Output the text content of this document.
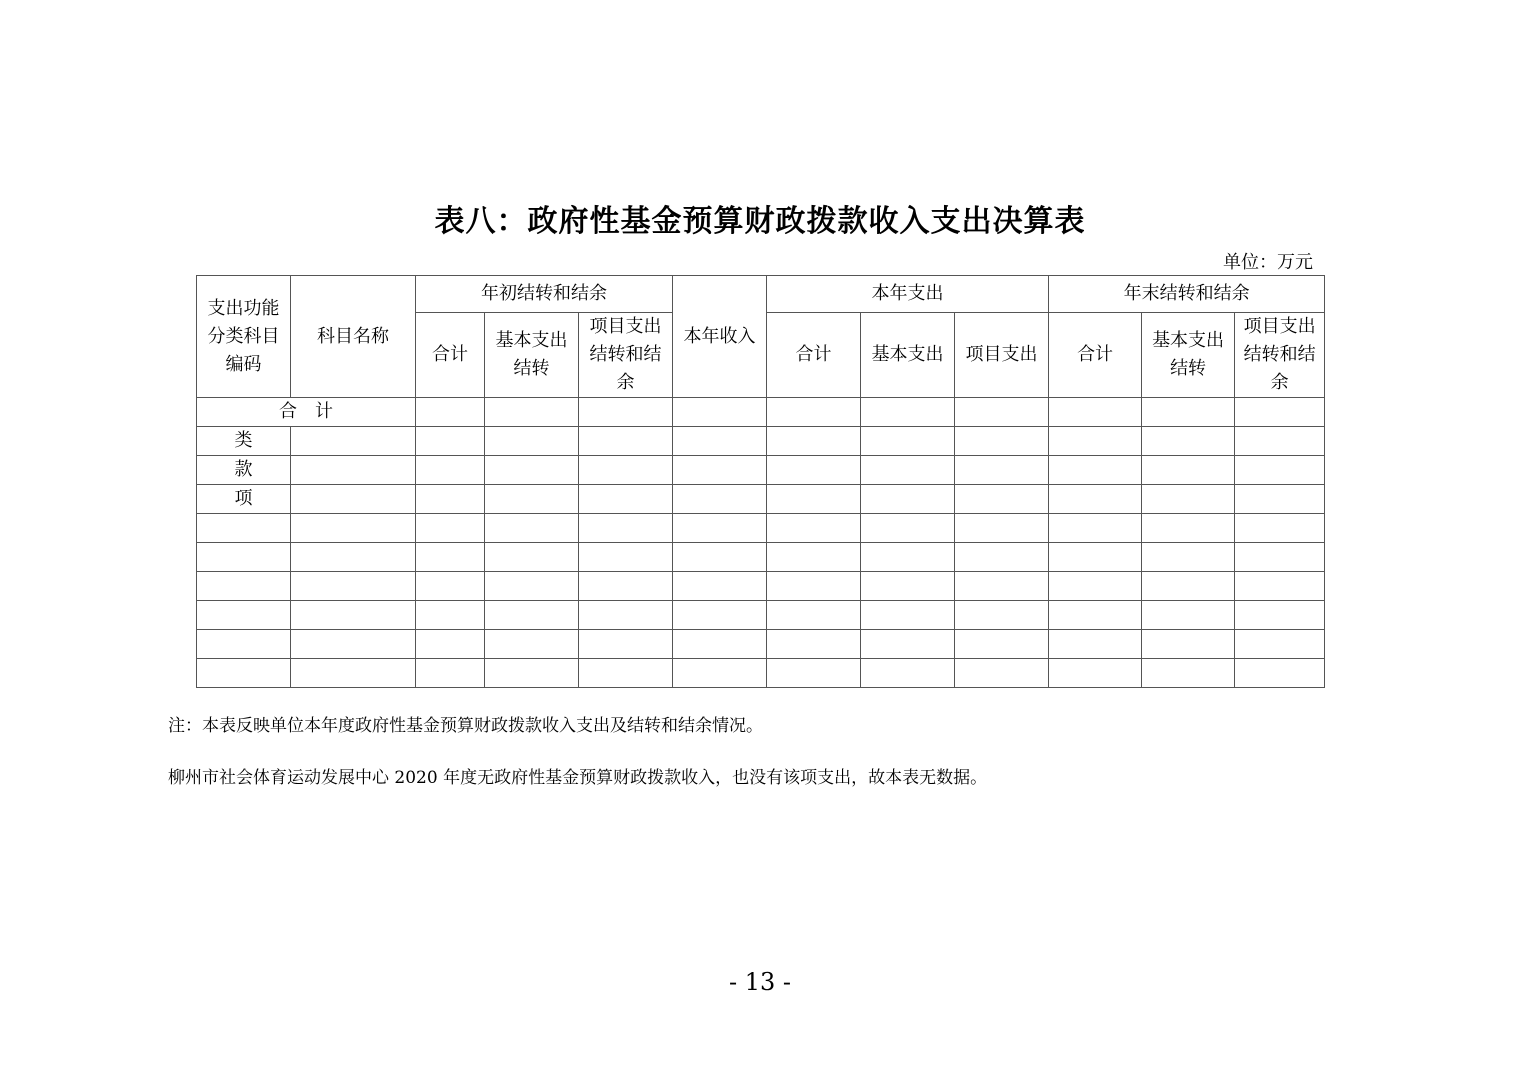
表八：政府性基金预算财政拨款收入支出决算表
单位：万元
支出功能分类科目编码	科目名称	年初结转和结余			本年收入	本年支出			年末结转和结余		
		合计	基本支出结转	项目支出结转和结余		合计	基本支出	项目支出	合计	基本支出结转	项目支出结转和结余
合　计											
类											
款											
项											

注：本表反映单位本年度政府性基金预算财政拨款收入支出及结转和结余情况。
柳州市社会体育运动发展中心 2020 年度无政府性基金预算财政拨款收入，也没有该项支出，故本表无数据。
- 13 -
